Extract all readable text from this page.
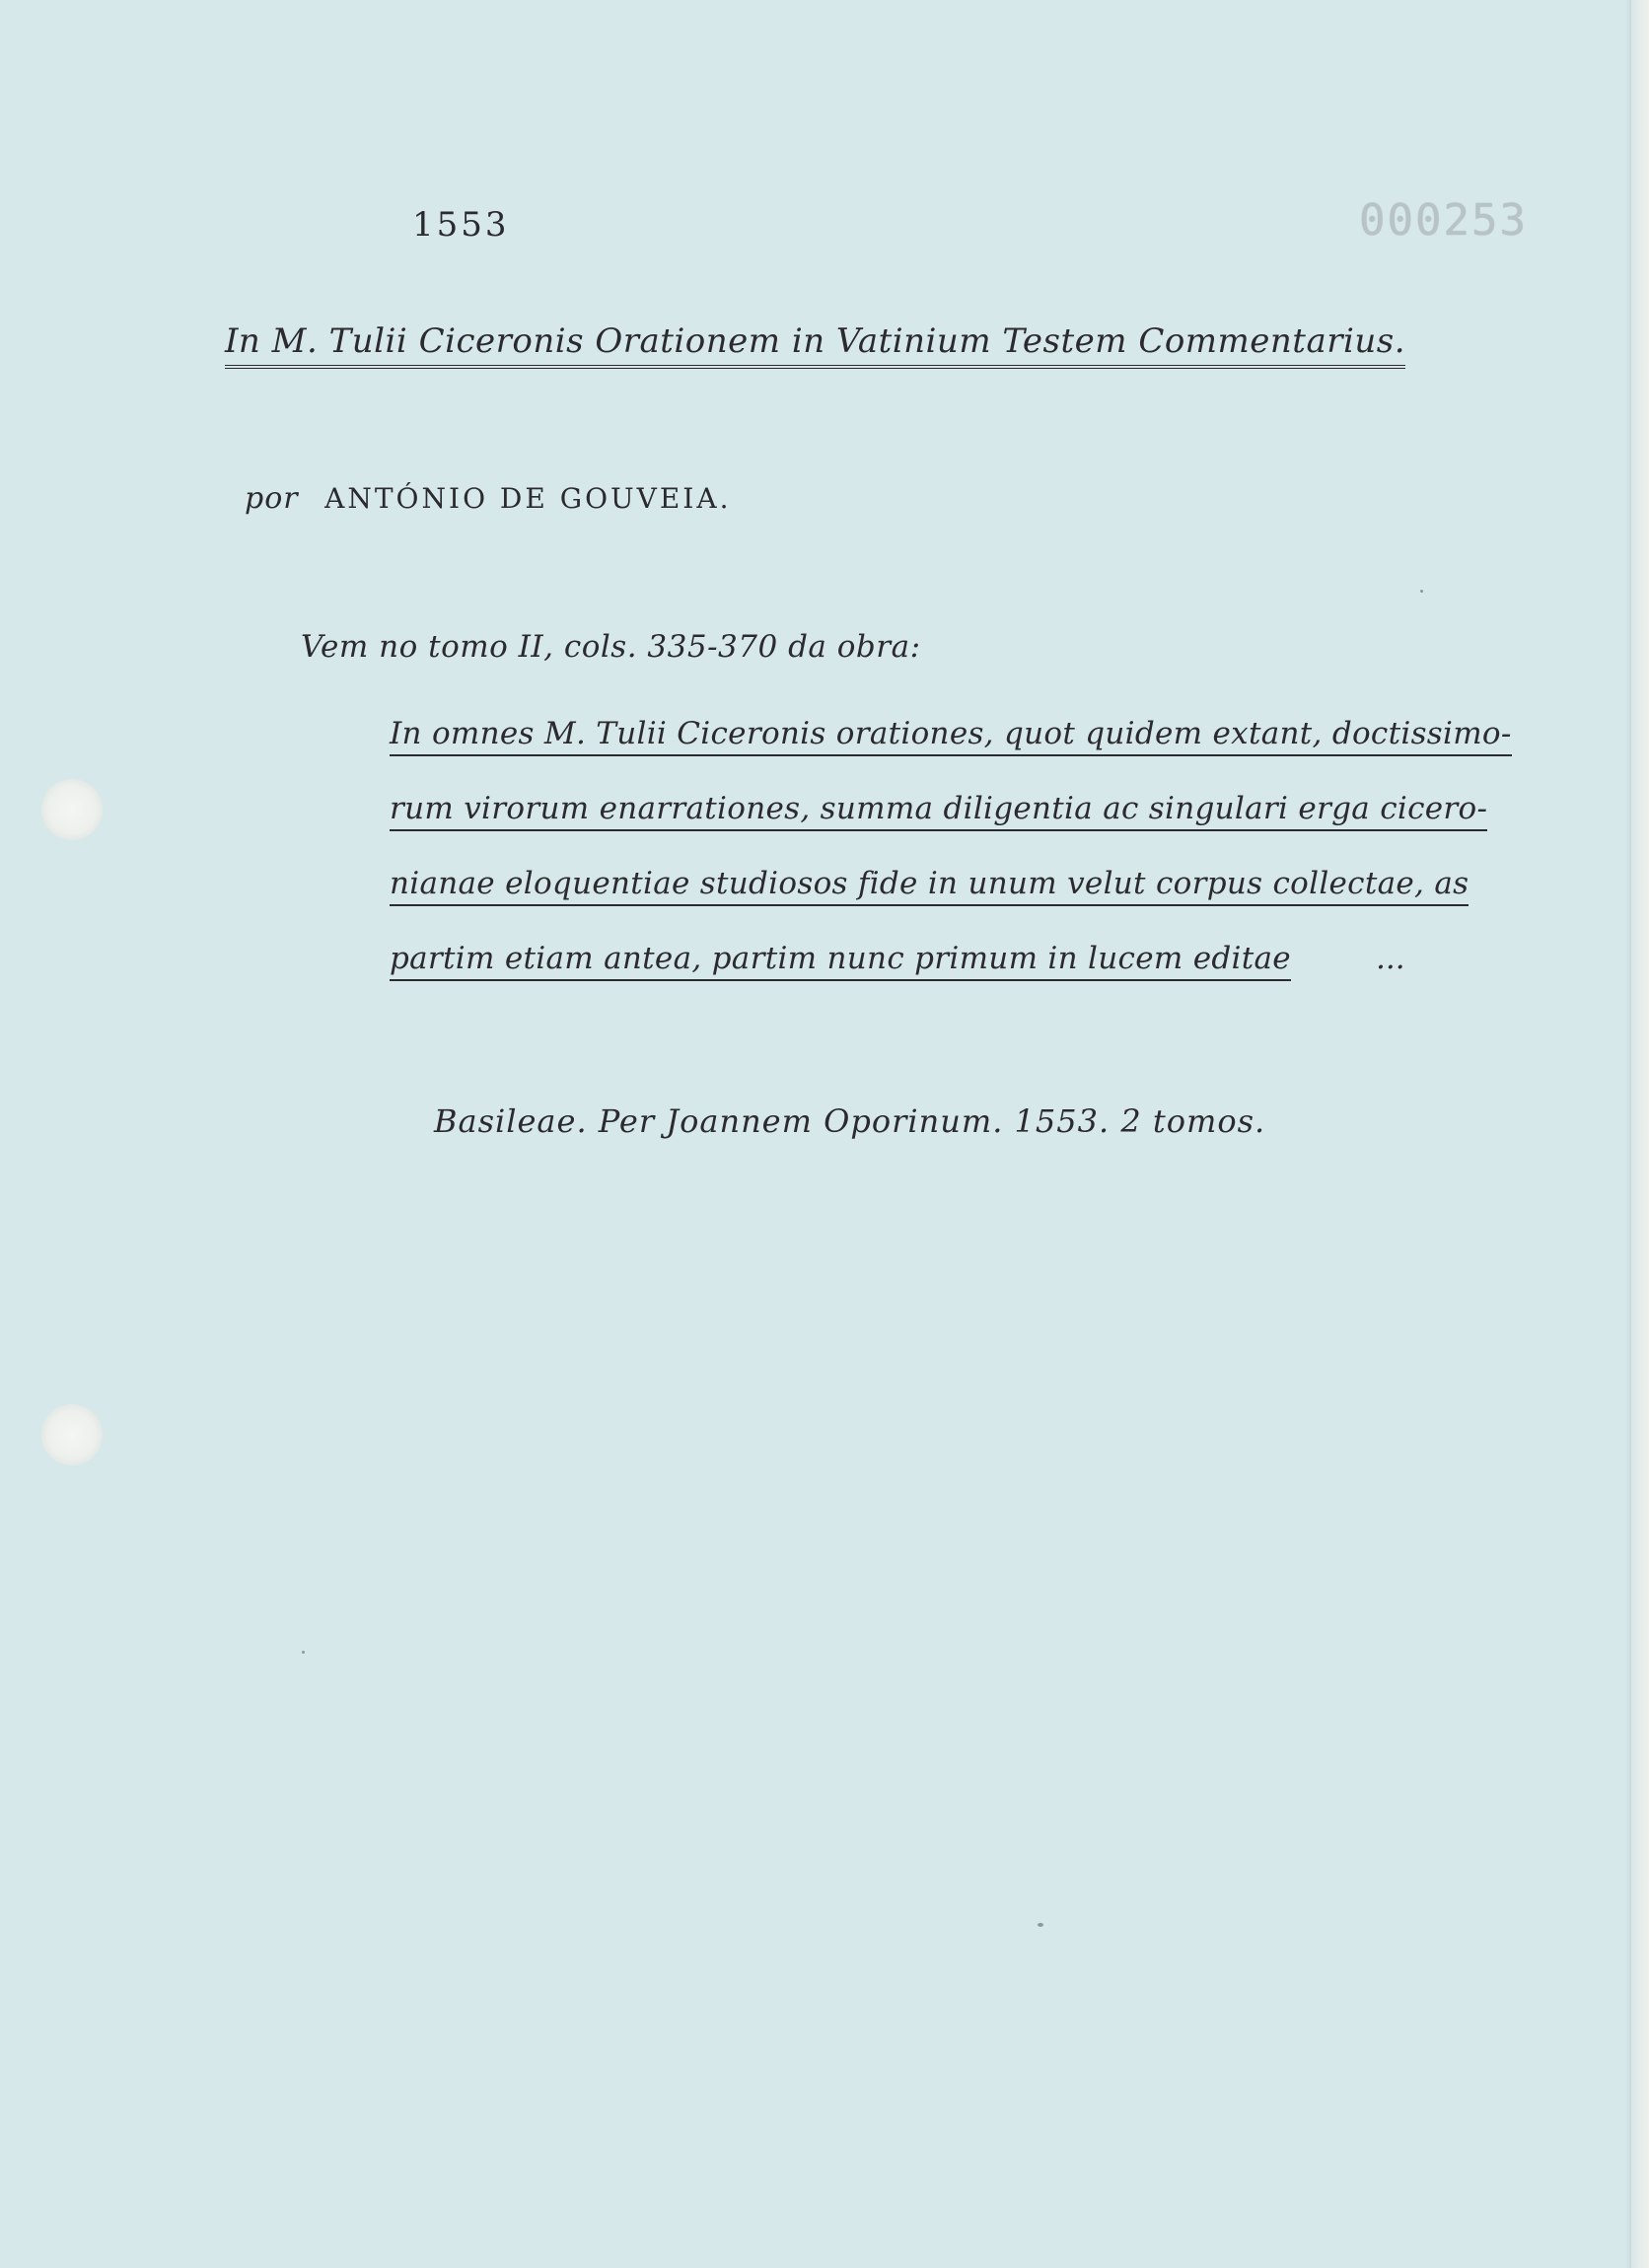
1553	000253

In M. Tulii Ciceronis Orationem in Vatinium Testem Commentarius.

por ANTÓNIO DE GOUVEIA.

Vem no tomo II, cols. 335-370 da obra:

In omnes M. Tulii Ciceronis orationes, quot quidem extant, doctissimo-

rum virorum enarrationes, summa diligentia ac singulari erga cicero-

nianae eloquentiae studiosos fide in unum velut corpus collectae, as

partim etiam antea, partim nunc primum in lucem editae	...

Basileae. Per Joannem Oporinum. 1553. 2 tomos.
